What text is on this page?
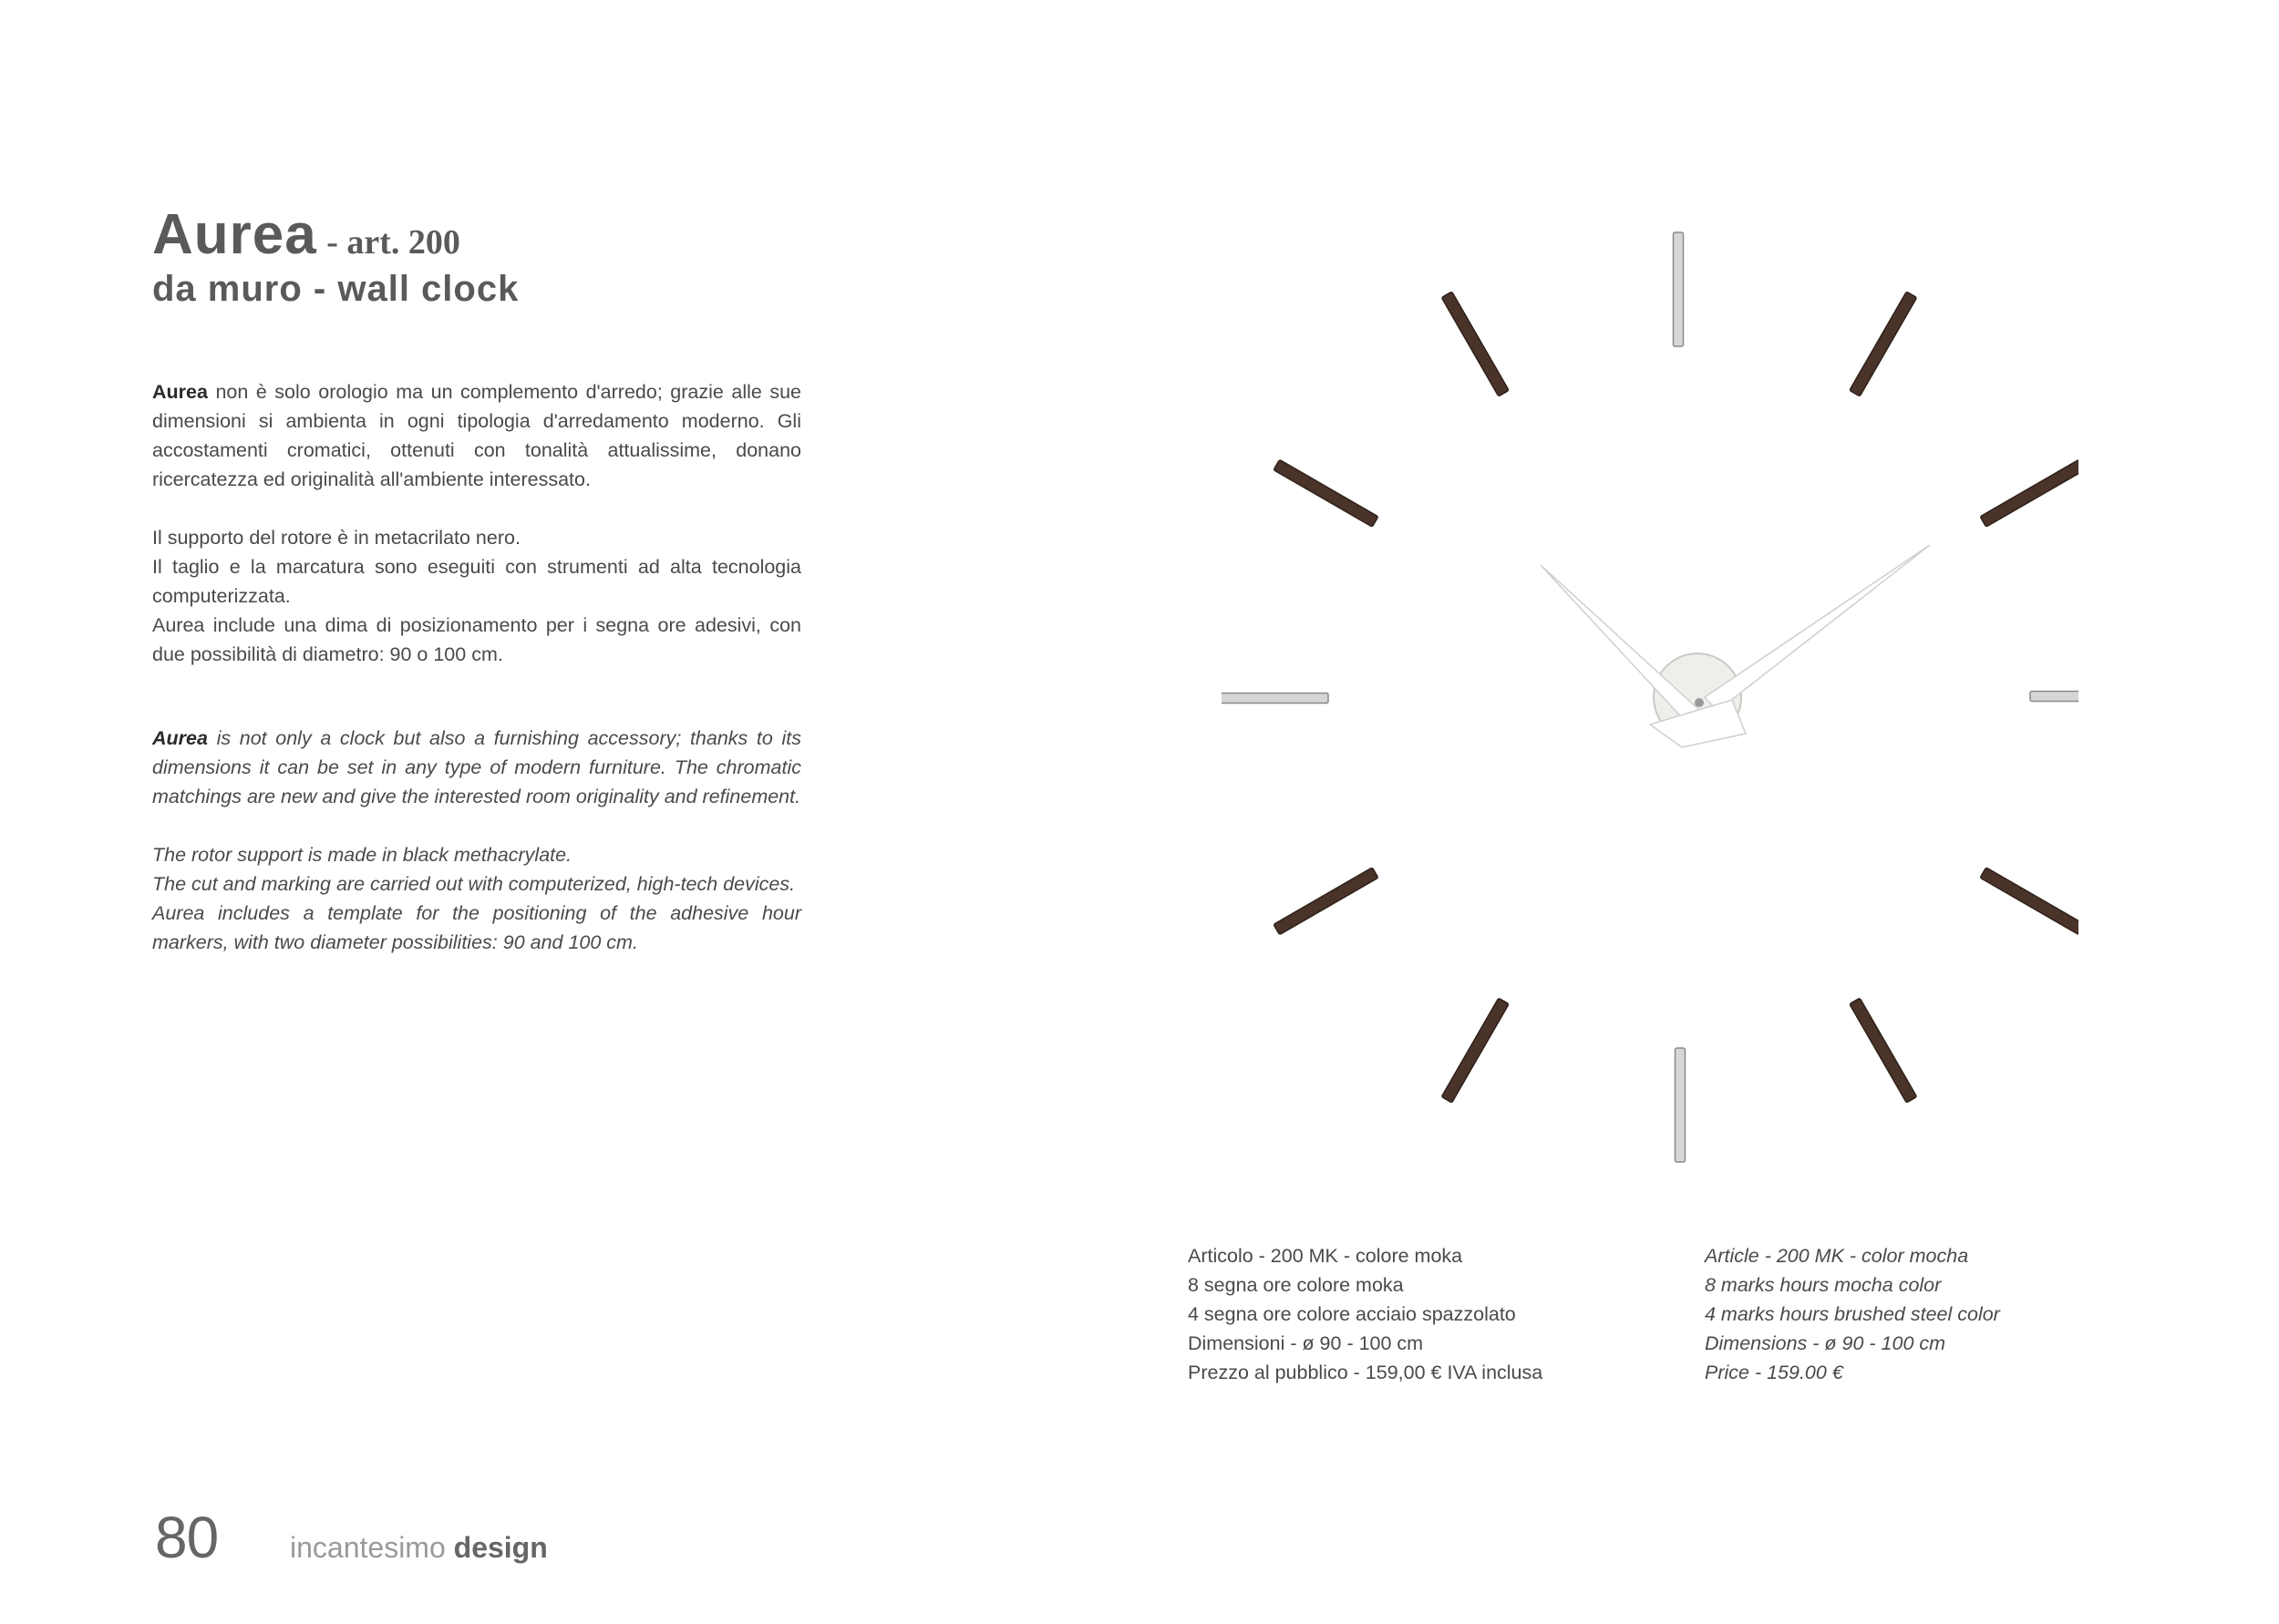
Aurea - art. 200
da muro - wall clock

Aurea non è solo orologio ma un complemento d'arredo; grazie alle sue dimensioni si ambienta in ogni tipologia d'arredamento moderno. Gli accostamenti cromatici, ottenuti con tonalità attualissime, donano ricercatezza ed originalità all'ambiente interessato.

Il supporto del rotore è in metacrilato nero.

Il taglio e la marcatura sono eseguiti con strumenti ad alta tecnologia computerizzata.

Aurea include una dima di posizionamento per i segna ore adesivi, con due possibilità di diametro: 90 o 100 cm.

Aurea is not only a clock but also a furnishing accessory; thanks to its dimensions it can be set in any type of modern furniture. The chromatic matchings are new and give the interested room originality and refinement.

The rotor support is made in black methacrylate.

The cut and marking are carried out with computerized, high-tech devices.

Aurea includes a template for the positioning of the adhesive hour markers, with two diameter possibilities: 90 and 100 cm.

Articolo - 200 MK - colore moka
8 segna ore colore moka
4 segna ore colore acciaio spazzolato
Dimensioni - ø 90 - 100 cm
Prezzo al pubblico - 159,00 € IVA inclusa
Article - 200 MK - color mocha
8 marks hours mocha color
4 marks hours brushed steel color
Dimensions - ø 90 - 100 cm
Price - 159.00 €
80 incantesimo design
